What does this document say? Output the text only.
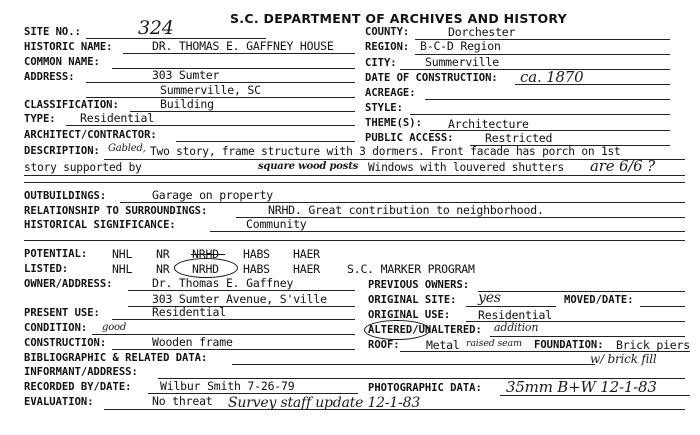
S.C. DEPARTMENT OF ARCHIVES AND HISTORY
SITE NO.:	324	COUNTY:	Dorchester
HISTORIC NAME:	DR. THOMAS E. GAFFNEY HOUSE	REGION: B-C-D Region
COMMON NAME:	CITY: Summerville
ADDRESS:	303 Sumter
Summerville, SC
DATE OF CONSTRUCTION: ca. 1870
ACREAGE:
CLASSIFICATION:	Building	STYLE:
TYPE: Residential	THEME(S): Architecture
ARCHITECT/CONTRACTOR:	PUBLIC ACCESS:	Restricted
DESCRIPTION: Gabled, Two story, frame structure with 3 dormers. Front facade has porch on 1st
story supported by	square wood posts Windows with louvered shutters are 6/6 ?
OUTBUILDINGS:	Garage on property
RELATIONSHIP TO SURROUNDINGS:	NRHD. Great contribution to neighborhood.
HISTORICAL SIGNIFICANCE:	Community
POTENTIAL: NHL NR NRHD HABS HAER
LISTED:	NHL NR NRHD HABS HAER S.C. MARKER PROGRAM
OWNER/ADDRESS:	Dr. Thomas E. Gaffney
303 Sumter Avenue, S'ville
PREVIOUS OWNERS:
ORIGINAL SITE: yes	MOVED/DATE:
PRESENT USE:	Residential	ORIGINAL USE: Residential
CONDITION: good	ALTERED/UNALTERED: addition
CONSTRUCTION:	Wooden frame	ROOF: Metal raised seam FOUNDATION: Brick piers
w/ brick fill
BIBLIOGRAPHIC & RELATED DATA:
INFORMANT/ADDRESS:
RECORDED BY/DATE: Wilbur Smith 7-26-79	PHOTOGRAPHIC DATA: 35mm B+W 12-1-83
EVALUATION:	No threat Survey staff update 12-1-83
